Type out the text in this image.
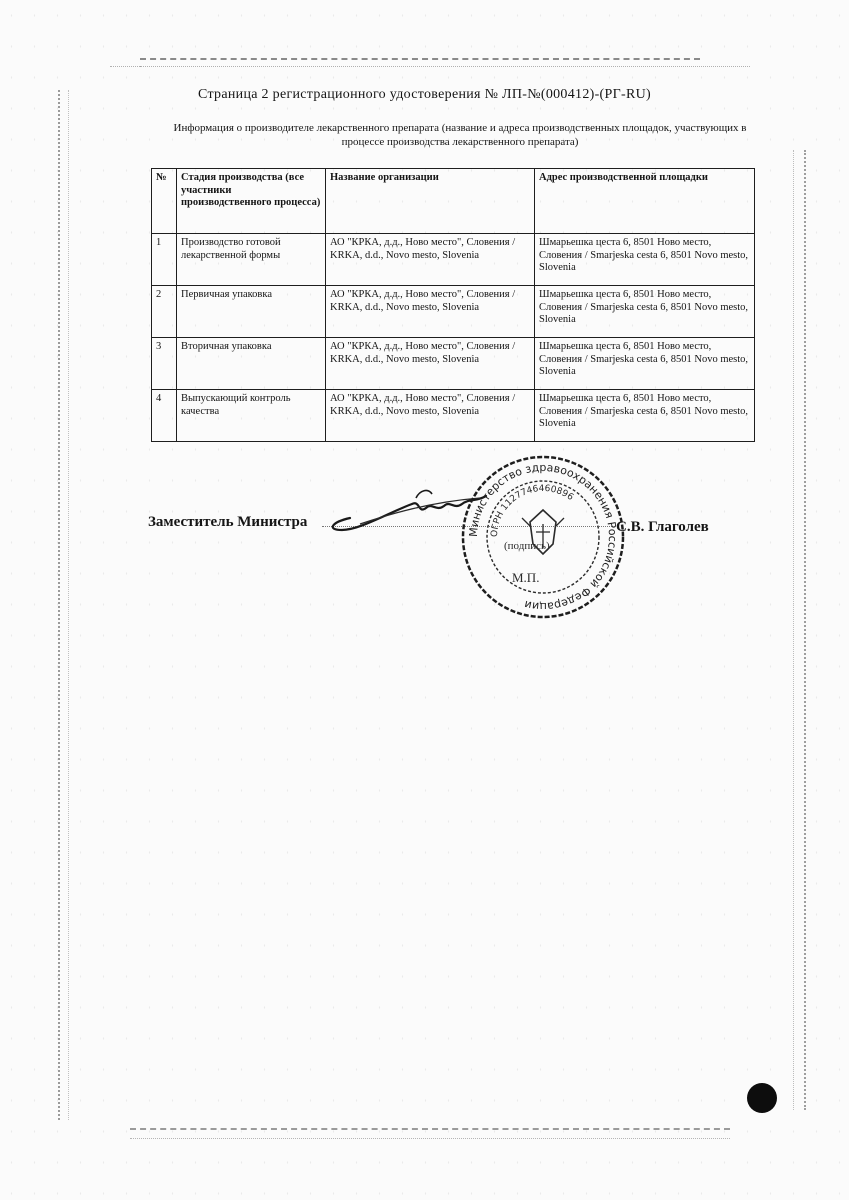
Страница 2 регистрационного удостоверения № ЛП-№(000412)-(РГ-RU)
Информация о производителе лекарственного препарата (название и адреса производственных площадок, участвующих в процессе производства лекарственного препарата)
№	Стадия производства (все участники производственного процесса)	Название организации	Адрес производственной площадки
1	Производство готовой лекарственной формы	АО "КРКА, д.д., Ново место", Словения / KRKA, d.d., Novo mesto, Slovenia	Шмарьешка цеста 6, 8501 Ново место, Словения / Smarjeska cesta 6, 8501 Novo mesto, Slovenia
2	Первичная упаковка	АО "КРКА, д.д., Ново место", Словения / KRKA, d.d., Novo mesto, Slovenia	Шмарьешка цеста 6, 8501 Ново место, Словения / Smarjeska cesta 6, 8501 Novo mesto, Slovenia
3	Вторичная упаковка	АО "КРКА, д.д., Ново место", Словения / KRKA, d.d., Novo mesto, Slovenia	Шмарьешка цеста 6, 8501 Ново место, Словения / Smarjeska cesta 6, 8501 Novo mesto, Slovenia
4	Выпускающий контроль качества	АО "КРКА, д.д., Ново место", Словения / KRKA, d.d., Novo mesto, Slovenia	Шмарьешка цеста 6, 8501 Ново место, Словения / Smarjeska cesta 6, 8501 Novo mesto, Slovenia
Заместитель Министра
Министерство здравоохранения Российской Федерации
ОГРН 1127746460896
С.В. Глаголев
(подпись)
М.П.
